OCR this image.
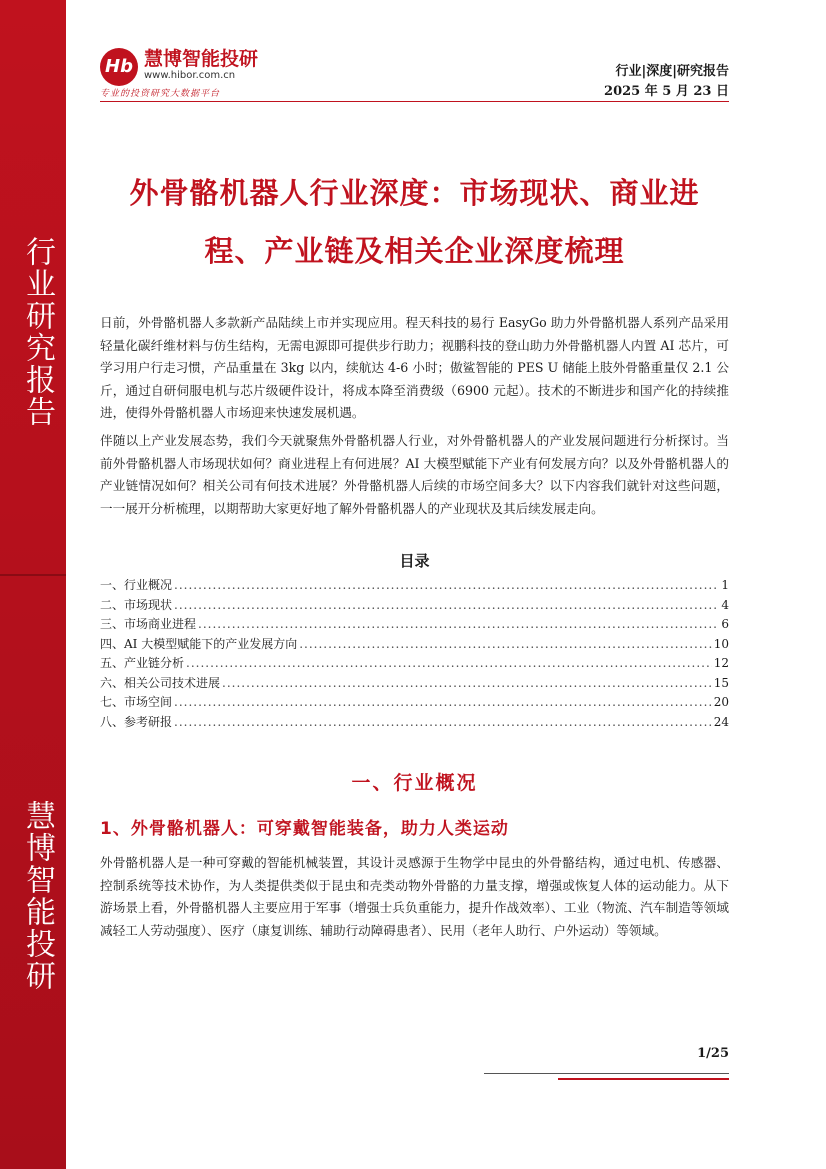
行业研究报告
慧博智能投研
Hb 慧博智能投研
www.hibor.com.cn
专业的投资研究大数据平台
行业|深度|研究报告
2025 年 5 月 23 日
外骨骼机器人行业深度：市场现状、商业进程、产业链及相关企业深度梳理
日前，外骨骼机器人多款新产品陆续上市并实现应用。程天科技的易行 EasyGo 助力外骨骼机器人系列产品采用轻量化碳纤维材料与仿生结构，无需电源即可提供步行助力；视鹏科技的登山助力外骨骼机器人内置 AI 芯片，可学习用户行走习惯，产品重量在 3kg 以内，续航达 4-6 小时；傲鲨智能的 PES U 储能上肢外骨骼重量仅 2.1 公斤，通过自研伺服电机与芯片级硬件设计，将成本降至消费级（6900 元起）。技术的不断进步和国产化的持续推进，使得外骨骼机器人市场迎来快速发展机遇。
伴随以上产业发展态势，我们今天就聚焦外骨骼机器人行业，对外骨骼机器人的产业发展问题进行分析探讨。当前外骨骼机器人市场现状如何？商业进程上有何进展？AI 大模型赋能下产业有何发展方向？以及外骨骼机器人的产业链情况如何？相关公司有何技术进展？外骨骼机器人后续的市场空间多大？以下内容我们就针对这些问题，一一展开分析梳理，以期帮助大家更好地了解外骨骼机器人的产业现状及其后续发展走向。
目录
一、行业概况 .....	1
二、市场现状 .....	4
三、市场商业进程 .....	6
四、AI 大模型赋能下的产业发展方向 .....	10
五、产业链分析 .....	12
六、相关公司技术进展 .....	15
七、市场空间 .....	20
八、参考研报 .....	24
一、行业概况
1、外骨骼机器人：可穿戴智能装备，助力人类运动
外骨骼机器人是一种可穿戴的智能机械装置，其设计灵感源于生物学中昆虫的外骨骼结构，通过电机、传感器、控制系统等技术协作，为人类提供类似于昆虫和壳类动物外骨骼的力量支撑，增强或恢复人体的运动能力。从下游场景上看，外骨骼机器人主要应用于军事（增强士兵负重能力，提升作战效率）、工业（物流、汽车制造等领域减轻工人劳动强度）、医疗（康复训练、辅助行动障碍患者）、民用（老年人助行、户外运动）等领域。
1/25
